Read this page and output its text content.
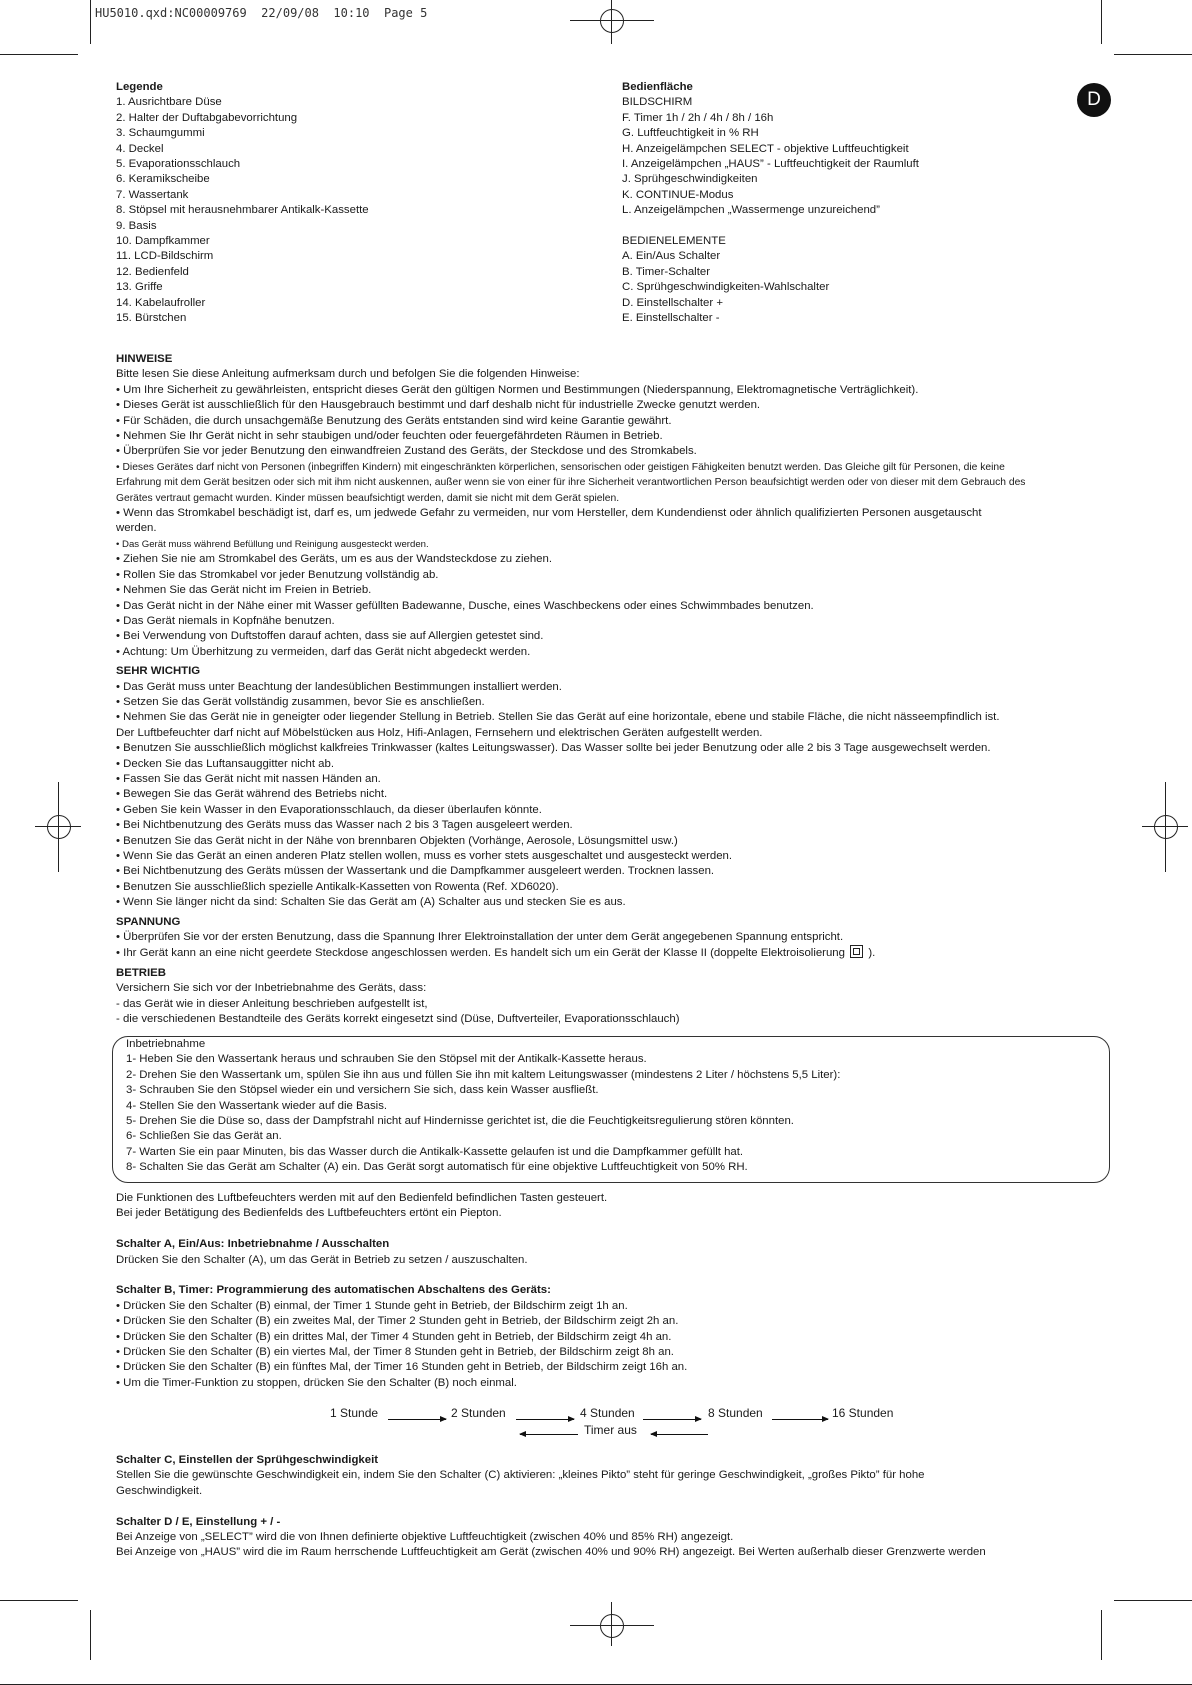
HU5010.qxd:NC00009769  22/09/08  10:10  Page 5
D
Legende
1. Ausrichtbare Düse
2. Halter der Duftabgabevorrichtung
3. Schaumgummi
4. Deckel
5. Evaporationsschlauch
6. Keramikscheibe
7. Wassertank
8. Stöpsel mit herausnehmbarer Antikalk-Kassette
9. Basis
10. Dampfkammer
11. LCD-Bildschirm
12. Bedienfeld
13. Griffe
14. Kabelaufroller
15. Bürstchen
Bedienfläche
BILDSCHIRM
F. Timer 1h / 2h / 4h / 8h / 16h
G. Luftfeuchtigkeit in % RH
H. Anzeigelämpchen SELECT - objektive Luftfeuchtigkeit
I. Anzeigelämpchen „HAUS” - Luftfeuchtigkeit der Raumluft
J. Sprühgeschwindigkeiten
K. CONTINUE-Modus
L. Anzeigelämpchen „Wassermenge unzureichend”

BEDIENELEMENTE
A. Ein/Aus Schalter
B. Timer-Schalter
C. Sprühgeschwindigkeiten-Wahlschalter
D. Einstellschalter +
E. Einstellschalter -
HINWEISE
Bitte lesen Sie diese Anleitung aufmerksam durch und befolgen Sie die folgenden Hinweise:
• Um Ihre Sicherheit zu gewährleisten, entspricht dieses Gerät den gültigen Normen und Bestimmungen (Niederspannung, Elektromagnetische Verträglichkeit).
• Dieses Gerät ist ausschließlich für den Hausgebrauch bestimmt und darf deshalb nicht für industrielle Zwecke genutzt werden.
• Für Schäden, die durch unsachgemäße Benutzung des Geräts entstanden sind wird keine Garantie gewährt.
• Nehmen Sie Ihr Gerät nicht in sehr staubigen und/oder feuchten oder feuergefährdeten Räumen in Betrieb.
• Überprüfen Sie vor jeder Benutzung den einwandfreien Zustand des Geräts, der Steckdose und des Stromkabels.
• Dieses Gerätes darf nicht von Personen (inbegriffen Kindern) mit eingeschränkten körperlichen, sensorischen oder geistigen Fähigkeiten benutzt werden. Das Gleiche gilt für Personen, die keine
Erfahrung mit dem Gerät besitzen oder sich mit ihm nicht auskennen, außer wenn sie von einer für ihre Sicherheit verantwortlichen Person beaufsichtigt werden oder von dieser mit dem Gebrauch des
Gerätes vertraut gemacht wurden. Kinder müssen beaufsichtigt werden, damit sie nicht mit dem Gerät spielen.
• Wenn das Stromkabel beschädigt ist, darf es, um jedwede Gefahr zu vermeiden, nur vom Hersteller, dem Kundendienst oder ähnlich qualifizierten Personen ausgetauscht
werden.
• Das Gerät muss während Befüllung und Reinigung ausgesteckt werden.
• Ziehen Sie nie am Stromkabel des Geräts, um es aus der Wandsteckdose zu ziehen.
• Rollen Sie das Stromkabel vor jeder Benutzung vollständig ab.
• Nehmen Sie das Gerät nicht im Freien in Betrieb.
• Das Gerät nicht in der Nähe einer mit Wasser gefüllten Badewanne, Dusche, eines Waschbeckens oder eines Schwimmbades benutzen.
• Das Gerät niemals in Kopfnähe benutzen.
• Bei Verwendung von Duftstoffen darauf achten, dass sie auf Allergien getestet sind.
• Achtung: Um Überhitzung zu vermeiden, darf das Gerät nicht abgedeckt werden.
SEHR WICHTIG
• Das Gerät muss unter Beachtung der landesüblichen Bestimmungen installiert werden.
• Setzen Sie das Gerät vollständig zusammen, bevor Sie es anschließen.
• Nehmen Sie das Gerät nie in geneigter oder liegender Stellung in Betrieb. Stellen Sie das Gerät auf eine horizontale, ebene und stabile Fläche, die nicht nässeempfindlich ist.
Der Luftbefeuchter darf nicht auf Möbelstücken aus Holz, Hifi-Anlagen, Fernsehern und elektrischen Geräten aufgestellt werden.
• Benutzen Sie ausschließlich möglichst kalkfreies Trinkwasser (kaltes Leitungswasser). Das Wasser sollte bei jeder Benutzung oder alle 2 bis 3 Tage ausgewechselt werden.
• Decken Sie das Luftansauggitter nicht ab.
• Fassen Sie das Gerät nicht mit nassen Händen an.
• Bewegen Sie das Gerät während des Betriebs nicht.
• Geben Sie kein Wasser in den Evaporationsschlauch, da dieser überlaufen könnte.
• Bei Nichtbenutzung des Geräts muss das Wasser nach 2 bis 3 Tagen ausgeleert werden.
• Benutzen Sie das Gerät nicht in der Nähe von brennbaren Objekten (Vorhänge, Aerosole, Lösungsmittel usw.)
• Wenn Sie das Gerät an einen anderen Platz stellen wollen, muss es vorher stets ausgeschaltet und ausgesteckt werden.
• Bei Nichtbenutzung des Geräts müssen der Wassertank und die Dampfkammer ausgeleert werden. Trocknen lassen.
• Benutzen Sie ausschließlich spezielle Antikalk-Kassetten von Rowenta (Ref. XD6020).
• Wenn Sie länger nicht da sind: Schalten Sie das Gerät am (A) Schalter aus und stecken Sie es aus.
SPANNUNG
• Überprüfen Sie vor der ersten Benutzung, dass die Spannung Ihrer Elektroinstallation der unter dem Gerät angegebenen Spannung entspricht.
• Ihr Gerät kann an eine nicht geerdete Steckdose angeschlossen werden. Es handelt sich um ein Gerät der Klasse II (doppelte Elektroisolierung ).
BETRIEB
Versichern Sie sich vor der Inbetriebnahme des Geräts, dass:
- das Gerät wie in dieser Anleitung beschrieben aufgestellt ist,
- die verschiedenen Bestandteile des Geräts korrekt eingesetzt sind (Düse, Duftverteiler, Evaporationsschlauch)
Inbetriebnahme
1- Heben Sie den Wassertank heraus und schrauben Sie den Stöpsel mit der Antikalk-Kassette heraus.
2- Drehen Sie den Wassertank um, spülen Sie ihn aus und füllen Sie ihn mit kaltem Leitungswasser (mindestens 2 Liter / höchstens 5,5 Liter):
3- Schrauben Sie den Stöpsel wieder ein und versichern Sie sich, dass kein Wasser ausfließt.
4- Stellen Sie den Wassertank wieder auf die Basis.
5- Drehen Sie die Düse so, dass der Dampfstrahl nicht auf Hindernisse gerichtet ist, die die Feuchtigkeitsregulierung stören könnten.
6- Schließen Sie das Gerät an.
7- Warten Sie ein paar Minuten, bis das Wasser durch die Antikalk-Kassette gelaufen ist und die Dampfkammer gefüllt hat.
8- Schalten Sie das Gerät am Schalter (A) ein. Das Gerät sorgt automatisch für eine objektive Luftfeuchtigkeit von 50% RH.
Die Funktionen des Luftbefeuchters werden mit auf den Bedienfeld befindlichen Tasten gesteuert.
Bei jeder Betätigung des Bedienfelds des Luftbefeuchters ertönt ein Piepton.

Schalter A, Ein/Aus: Inbetriebnahme / Ausschalten
Drücken Sie den Schalter (A), um das Gerät in Betrieb zu setzen / auszuschalten.

Schalter B, Timer: Programmierung des automatischen Abschaltens des Geräts:
• Drücken Sie den Schalter (B) einmal, der Timer 1 Stunde geht in Betrieb, der Bildschirm zeigt 1h an.
• Drücken Sie den Schalter (B) ein zweites Mal, der Timer 2 Stunden geht in Betrieb, der Bildschirm zeigt 2h an.
• Drücken Sie den Schalter (B) ein drittes Mal, der Timer 4 Stunden geht in Betrieb, der Bildschirm zeigt 4h an.
• Drücken Sie den Schalter (B) ein viertes Mal, der Timer 8 Stunden geht in Betrieb, der Bildschirm zeigt 8h an.
• Drücken Sie den Schalter (B) ein fünftes Mal, der Timer 16 Stunden geht in Betrieb, der Bildschirm zeigt 16h an.
• Um die Timer-Funktion zu stoppen, drücken Sie den Schalter (B) noch einmal.
1 Stunde	2 Stunden	4 Stunden	8 Stunden	16 Stunden
Timer aus
Schalter C, Einstellen der Sprühgeschwindigkeit
Stellen Sie die gewünschte Geschwindigkeit ein, indem Sie den Schalter (C) aktivieren: „kleines Pikto” steht für geringe Geschwindigkeit, „großes Pikto” für hohe
Geschwindigkeit.

Schalter D / E, Einstellung + / -
Bei Anzeige von „SELECT” wird die von Ihnen definierte objektive Luftfeuchtigkeit (zwischen 40% und 85% RH) angezeigt.
Bei Anzeige von „HAUS” wird die im Raum herrschende Luftfeuchtigkeit am Gerät (zwischen 40% und 90% RH) angezeigt. Bei Werten außerhalb dieser Grenzwerte werden
